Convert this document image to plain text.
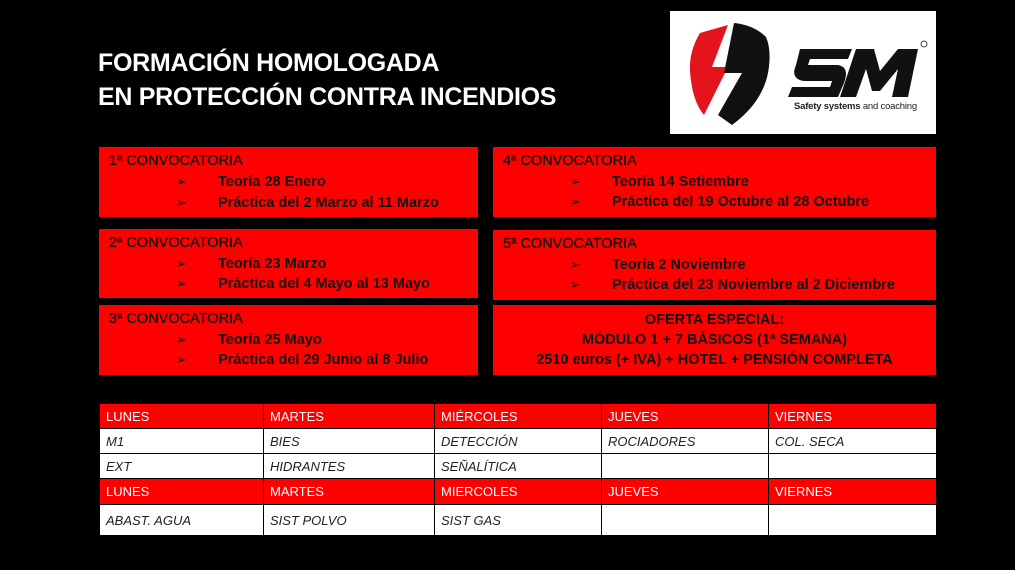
FORMACIÓN HOMOLOGADA
EN PROTECCIÓN CONTRA INCENDIOS	Safety systems and coaching
1ª CONVOCATORIA
➢ Teoría 28 Enero
➢ Práctica del 2 Marzo al 11 Marzo
2ª CONVOCATORIA
➢ Teoría 23 Marzo
➢ Práctica del 4 Mayo al 13 Mayo
3ª CONVOCATORIA
➢ Teoría 25 Mayo
➢ Práctica del 29 Junio al 8 Julio
4ª CONVOCATORIA
➢ Teoría 14 Setiembre
➢ Práctica del 19 Octubre al 28 Octubre
5ª CONVOCATORIA
➢ Teoría 2 Noviembre
➢ Práctica del 23 Noviembre al 2 Diciembre
OFERTA ESPECIAL:
MÓDULO 1 + 7 BÁSICOS (1ª SEMANA)
2510 euros (+ IVA) + HOTEL + PENSIÓN COMPLETA
LUNES	MARTES	MIÉRCOLES	JUEVES	VIERNES
M1	BIES	DETECCIÓN	ROCIADORES	COL. SECA
EXT	HIDRANTES	SEÑALÍTICA		
LUNES	MARTES	MIERCOLES	JUEVES	VIERNES
ABAST. AGUA	SIST POLVO	SIST GAS		
